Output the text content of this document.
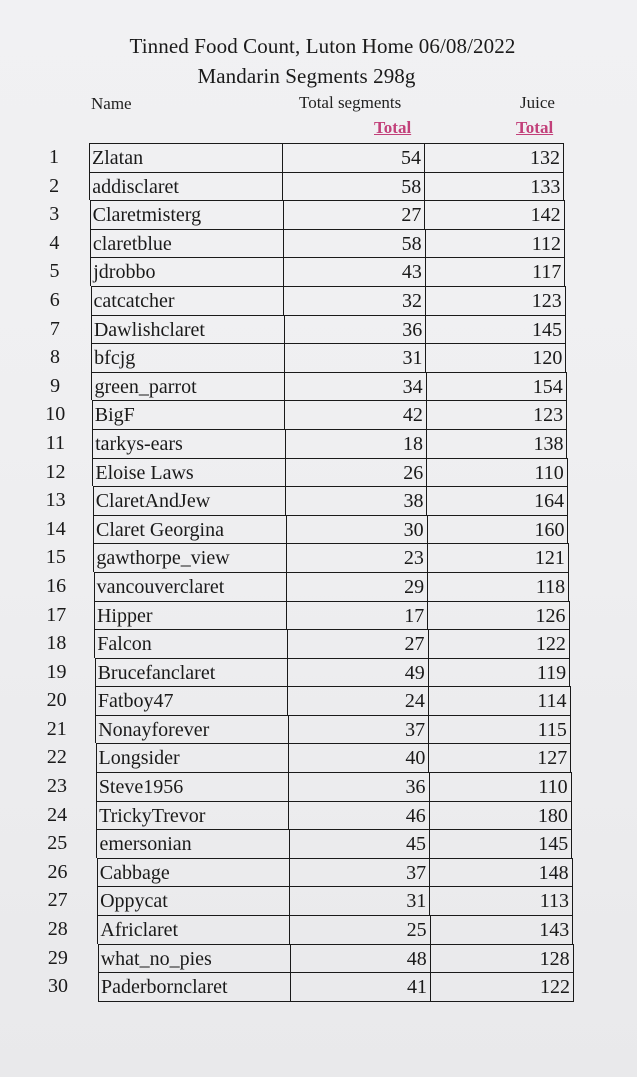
Tinned Food Count, Luton Home 06/08/2022
Mandarin Segments 298g
Name	Total segments	Juice
Total	Total
1	Zlatan	54	132
2	addisclaret	58	133
3	Claretmisterg	27	142
4	claretblue	58	112
5	jdrobbo	43	117
6	catcatcher	32	123
7	Dawlishclaret	36	145
8	bfcjg	31	120
9	green_parrot	34	154
10	BigF	42	123
11	tarkys-ears	18	138
12	Eloise Laws	26	110
13	ClaretAndJew	38	164
14	Claret Georgina	30	160
15	gawthorpe_view	23	121
16	vancouverclaret	29	118
17	Hipper	17	126
18	Falcon	27	122
19	Brucefanclaret	49	119
20	Fatboy47	24	114
21	Nonayforever	37	115
22	Longsider	40	127
23	Steve1956	36	110
24	TrickyTrevor	46	180
25	emersonian	45	145
26	Cabbage	37	148
27	Oppycat	31	113
28	Africlaret	25	143
29	what_no_pies	48	128
30	Paderbornclaret	41	122
